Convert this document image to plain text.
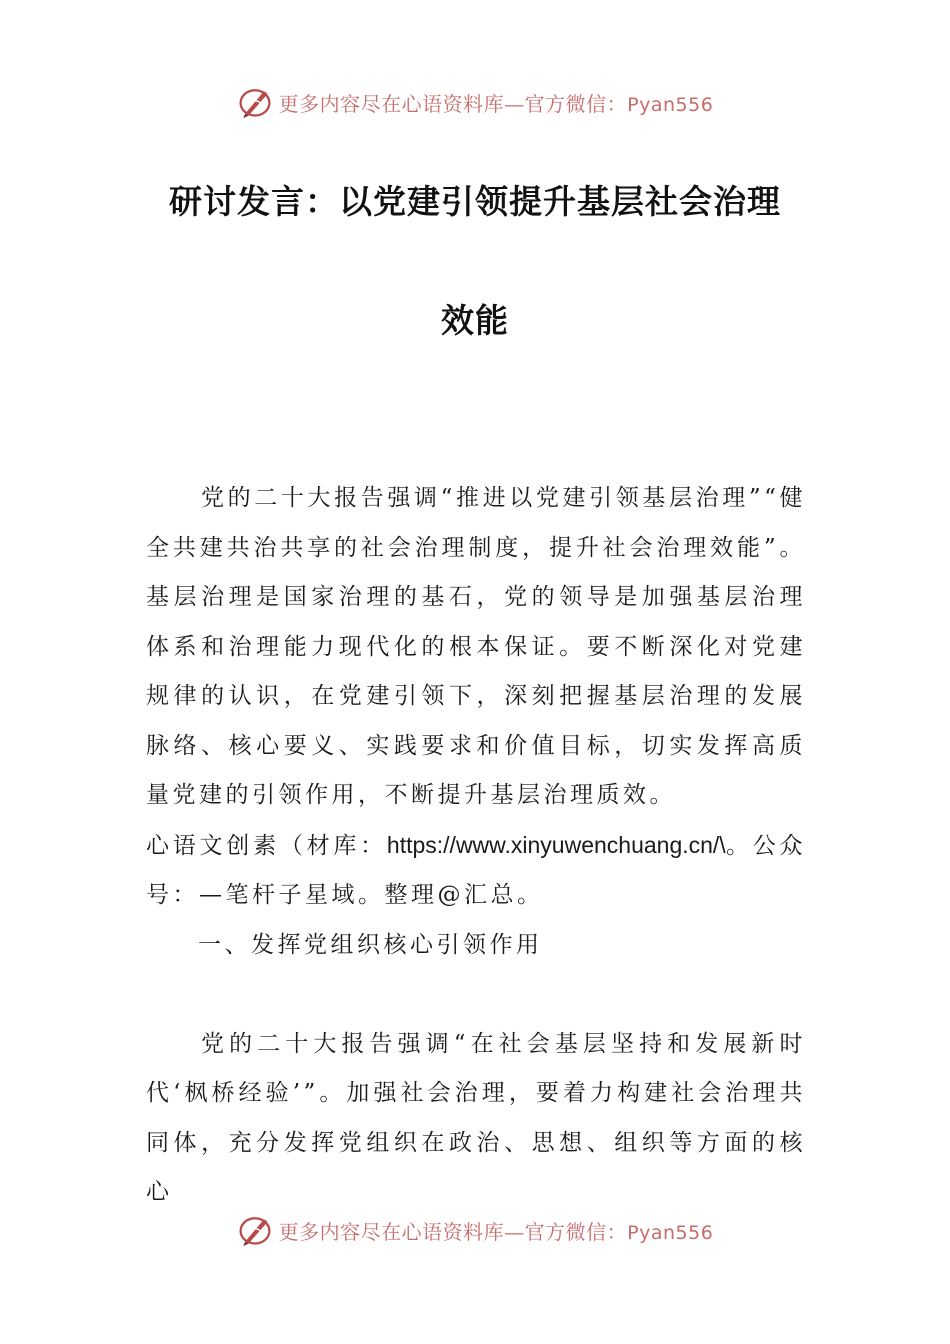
更多内容尽在心语资料库—官方微信：Pyan556
研讨发言：以党建引领提升基层社会治理
效能

党的二十大报告强调“推进以党建引领基层治理”“健全共建共治共享的社会治理制度，提升社会治理效能”。基层治理是国家治理的基石，党的领导是加强基层治理体系和治理能力现代化的根本保证。要不断深化对党建规律的认识，在党建引领下，深刻把握基层治理的发展脉络、核心要义、实践要求和价值目标，切实发挥高质量党建的引领作用，不断提升基层治理质效。

心语文创素（材库：https://www.xinyuwenchuang.cn/\。公众号：—笔杆子星域。整理@汇总。

一、发挥党组织核心引领作用

党的二十大报告强调“在社会基层坚持和发展新时代‘枫桥经验’”。加强社会治理，要着力构建社会治理共同体，充分发挥党组织在政治、思想、组织等方面的核心

更多内容尽在心语资料库—官方微信：Pyan556
